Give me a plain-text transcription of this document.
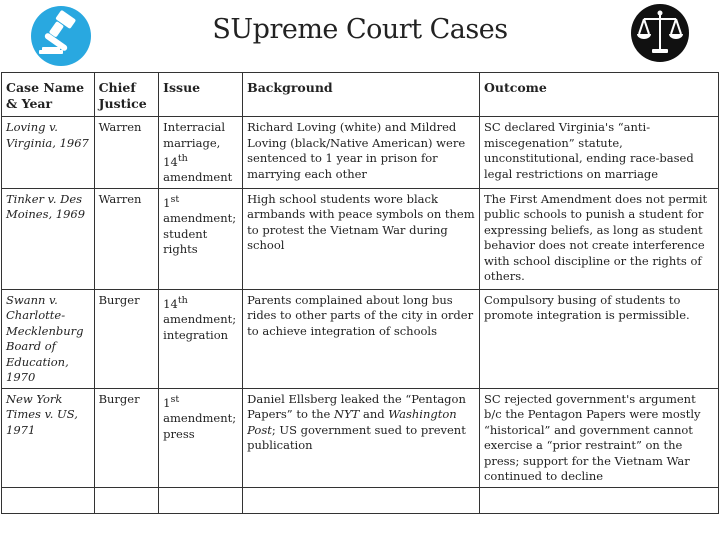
SUpreme Court Cases
Case Name & Year	Chief Justice	Issue	Background	Outcome
Loving v. Virginia, 1967	Warren	Interracial marriage, 14th amendment	Richard Loving (white) and Mildred Loving (black/Native American) were sentenced to 1 year in prison for marrying each other	SC declared Virginia's “anti-miscegenation” statute, unconstitutional, ending race-based legal restrictions on marriage
Tinker v. Des Moines, 1969	Warren	1st amendment; student rights	High school students wore black armbands with peace symbols on them to protest the Vietnam War during school	The First Amendment does not permit public schools to punish a student for expressing beliefs, as long as student behavior does not create interference with school discipline or the rights of others.
Swann v. Charlotte-Mecklenburg Board of Education, 1970	Burger	14th amendment; integration	Parents complained about long bus rides to other parts of the city in order to achieve integration of schools	Compulsory busing of students to promote integration is permissible.
New York Times v. US, 1971	Burger	1st amendment; press	Daniel Ellsberg leaked the “Pentagon Papers” to the NYT and Washington Post; US government sued to prevent publication	SC rejected government's argument b/c the Pentagon Papers were mostly “historical” and government cannot exercise a “prior restraint” on the press; support for the Vietnam War continued to decline
